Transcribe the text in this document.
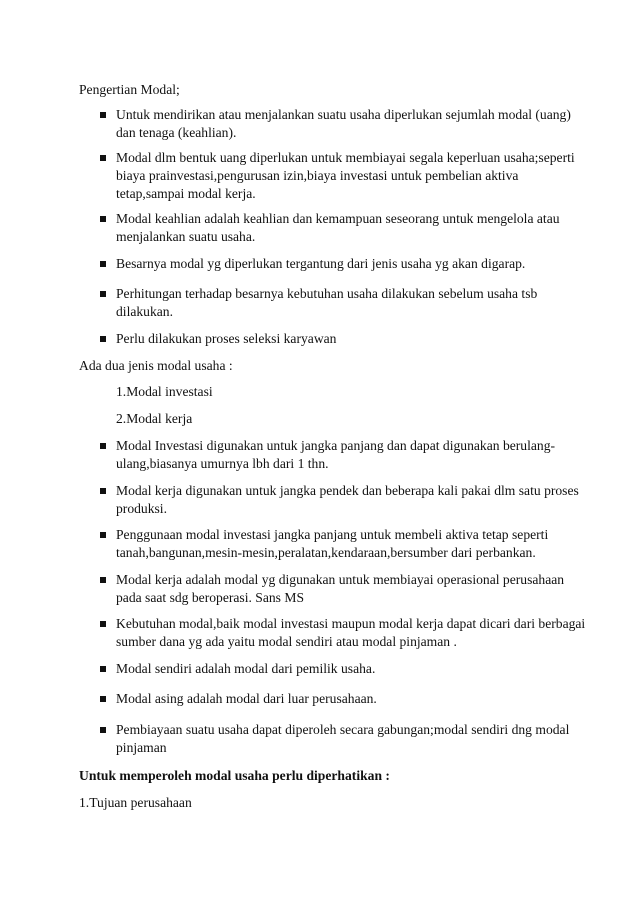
Pengertian Modal;

Untuk mendirikan atau menjalankan suatu usaha diperlukan sejumlah modal (uang)

dan tenaga (keahlian).

Modal dlm bentuk uang diperlukan untuk membiayai segala keperluan usaha;seperti

biaya prainvestasi,pengurusan izin,biaya investasi untuk pembelian aktiva

tetap,sampai modal kerja.

Modal keahlian adalah keahlian dan kemampuan seseorang untuk mengelola atau

menjalankan suatu usaha.

Besarnya modal yg diperlukan tergantung dari jenis usaha yg akan digarap.

Perhitungan terhadap besarnya kebutuhan usaha dilakukan sebelum usaha tsb

dilakukan.

Perlu dilakukan proses seleksi karyawan

Ada dua jenis modal usaha :

1.Modal investasi

2.Modal kerja

Modal Investasi digunakan untuk jangka panjang dan dapat digunakan berulang-

ulang,biasanya umurnya lbh dari 1 thn.

Modal kerja digunakan untuk jangka pendek dan beberapa kali pakai dlm satu proses

produksi.

Penggunaan modal investasi jangka panjang untuk membeli aktiva tetap seperti

tanah,bangunan,mesin-mesin,peralatan,kendaraan,bersumber dari perbankan.

Modal kerja adalah modal yg digunakan untuk membiayai operasional perusahaan

pada saat sdg beroperasi. Sans MS

Kebutuhan modal,baik modal investasi maupun modal kerja dapat dicari dari berbagai

sumber dana yg ada yaitu modal sendiri atau modal pinjaman .

Modal sendiri adalah modal dari pemilik usaha.

Modal asing adalah modal dari luar perusahaan.

Pembiayaan suatu usaha dapat diperoleh secara gabungan;modal sendiri dng modal

pinjaman

Untuk memperoleh modal usaha perlu diperhatikan :

1.Tujuan perusahaan
